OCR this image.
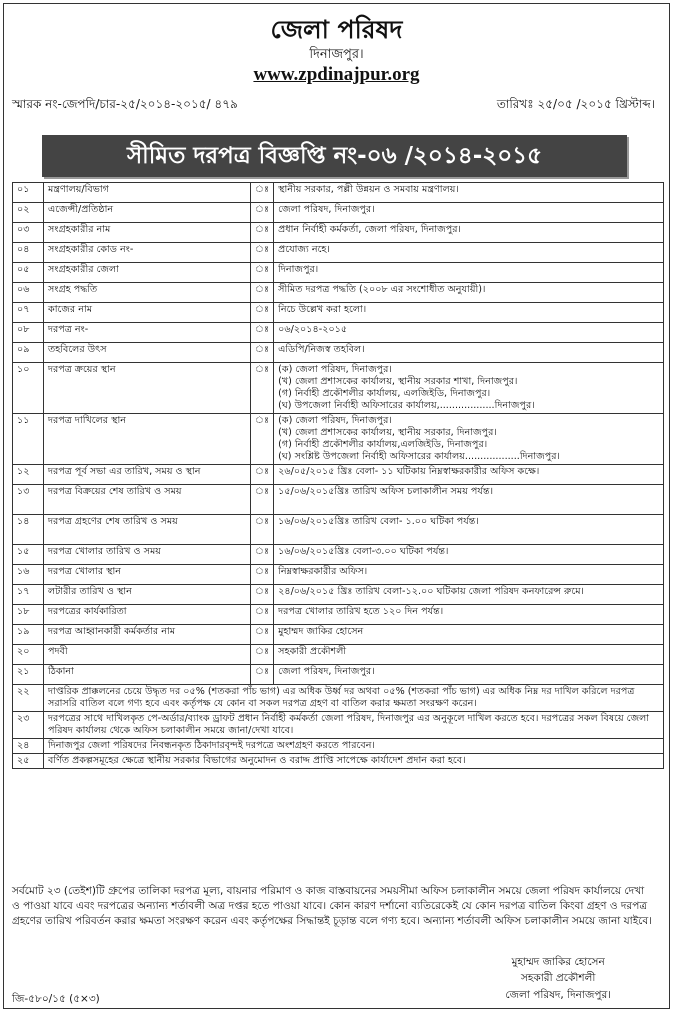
জেলা পরিষদ
দিনাজপুর।
www.zpdinajpur.org
স্মারক নং-জেপদি/চার-২৫/২০১৪-২০১৫/ ৪৭৯	তারিখঃ ২৫/০৫ /২০১৫ খ্রিস্টাব্দ।
সীমিত দরপত্র বিজ্ঞপ্তি নং-০৬ /২০১৪-২০১৫
০১	মন্ত্রণালয়/বিভাগ	ঃ	স্থানীয় সরকার, পল্লী উন্নয়ন ও সমবায় মন্ত্রণালয়।

০২	এজেন্সী/প্রতিষ্ঠান	ঃ	জেলা পরিষদ, দিনাজপুর।

০৩	সংগ্রহকারীর নাম	ঃ	প্রধান নির্বাহী কর্মকর্তা, জেলা পরিষদ, দিনাজপুর।

০৪	সংগ্রহকারীর কোড নং-	ঃ	প্রযোজ্য নহে।

০৫	সংগ্রহকারীর জেলা	ঃ	দিনাজপুর।

০৬	সংগ্রহ পদ্ধতি	ঃ	সীমিত দরপত্র পদ্ধতি (২০০৮ এর সংশোধীত অনুযায়ী)।

০৭	কাজের নাম	ঃ	নিচে উল্লেখ করা হলো।

০৮	দরপত্র নং-	ঃ	০৬/২০১৪-২০১৫

০৯	তহবিলের উৎস	ঃ	এডিপি/নিজস্ব তহবিল।

১০	দরপত্র ক্রয়ের স্থান	ঃ	(ক) জেলা পরিষদ, দিনাজপুর।
(খ) জেলা প্রশাসকের কার্যালয়, স্থানীয় সরকার শাখা, দিনাজপুর।
(গ) নির্বাহী প্রকৌশলীর কার্যালয়, এলজিইডি, দিনাজপুর।
(ঘ) উপজেলা নির্বাহী অফিসারের কার্যালয়,..................দিনাজপুর।

১১	দরপত্র দাখিলের স্থান	ঃ	(ক) জেলা পরিষদ, দিনাজপুর।
(খ) জেলা প্রশাসকের কার্যালয়, স্থানীয় সরকার, দিনাজপুর।
(গ) নির্বাহী প্রকৌশলীর কার্যালয়,এলজিইডি, দিনাজপুর।
(ঘ) সংশ্লিষ্ট উপজেলা নির্বাহী অফিসারের কার্যালয়..................দিনাজপুর।

১২	দরপত্র পূর্ব সভা এর তারিখ, সময় ও স্থান	ঃ	২৬/০৫/২০১৫ খ্রিঃ বেলা- ১১ ঘটিকায় নিম্নস্বাক্ষরকারীর অফিস কক্ষে।

১৩	দরপত্র বিক্রয়ের শেষ তারিখ ও সময়	ঃ	১৫/০৬/২০১৫খ্রিঃ তারিখ অফিস চলাকালীন সময় পর্যন্ত।

১৪	দরপত্র গ্রহণের শেষ তারিখ ও সময়	ঃ	১৬/০৬/২০১৫খ্রিঃ তারিখ বেলা- ১.০০ ঘটিকা পর্যন্ত।

১৫	দরপত্র খোলার তারিখ ও সময়	ঃ	১৬/০৬/২০১৫খ্রিঃ বেলা-৩.০০ ঘটিকা পর্যন্ত।

১৬	দরপত্র খোলার স্থান	ঃ	নিম্নস্বাক্ষরকারীর অফিস।

১৭	লটারীর তারিখ ও স্থান	ঃ	২৪/০৬/২০১৫ খ্রিঃ তারিখ বেলা-১২.০০ ঘটিকায় জেলা পরিষদ কনফারেন্স রুমে।

১৮	দরপত্রের কার্যকারিতা	ঃ	দরপত্র খোলার তারিখ হতে ১২০ দিন পর্যন্ত।

১৯	দরপত্র আহ্বানকারী কর্মকর্তার নাম	ঃ	মুহাম্মদ জাকির হোসেন

২০	পদবী	ঃ	সহকারী প্রকৌশলী

২১	ঠিকানা	ঃ	জেলা পরিষদ, দিনাজপুর।

২২	দাপ্তরিক প্রাক্কলনের চেয়ে উদ্ধৃত দর ০৫% (শতকরা পাঁচ ভাগ) এর অধিক উর্ধ্ব দর অথবা ০৫% (শতকরা পাঁচ ভাগ) এর অধিক নিম্ন দর দাখিল করিলে দরপত্র সরাসরি বাতিল বলে গণ্য হবে এবং কর্তৃপক্ষ যে কোন বা সকল দরপত্র গ্রহণ বা বাতিল করার ক্ষমতা সংরক্ষণ করেন।		
২৩	দরপত্রের সাথে দাখিলকৃত পে-অর্ডার/ব্যাংক ড্রাফট প্রধান নির্বাহী কর্মকর্তা জেলা পরিষদ, দিনাজপুর এর অনুকূলে দাখিল করতে হবে। দরপত্রের সকল বিষয়ে জেলা পরিষদ কার্যালয় থেকে অফিস চলাকালীন সময়ে জানা/দেখা যাবে।		
২৪	দিনাজপুর জেলা পরিষদের নিবন্ধনকৃত ঠিকাদারবৃন্দই দরপত্রে অংশগ্রহণ করতে পারবেন।		
২৫	বর্ণিত প্রকল্পসমূহের ক্ষেত্রে স্থানীয় সরকার বিভাগের অনুমোদন ও বরাদ্দ প্রাপ্তি সাপেক্ষে কার্যাদেশ প্রদান করা হবে।		
সর্বমোট ২৩ (তেইশ)টি গ্রুপের তালিকা দরপত্র মূল্য, বায়নার পরিমাণ ও কাজ বাস্তবায়নের সময়সীমা অফিস চলাকালীন সময়ে জেলা পরিষদ কার্যালয়ে দেখা ও পাওয়া যাবে এবং দরপত্রের অন্যান্য শর্তাবলী অত্র দপ্তর হতে পাওয়া যাবে। কোন কারণ দর্শানো ব্যতিরেকেই যে কোন দরপত্র বাতিল কিংবা গ্রহণ ও দরপত্র গ্রহণের তারিখ পরিবর্তন করার ক্ষমতা সংরক্ষণ করেন এবং কর্তৃপক্ষের সিদ্ধান্তই চূড়ান্ত বলে গণ্য হবে। অন্যান্য শর্তাবলী অফিস চলাকালীন সময়ে জানা যাইবে।
মুহাম্মদ জাকির হোসেন
সহকারী প্রকৌশলী
জেলা পরিষদ, দিনাজপুর।
জি-৫৮০/১৫ (৫×৩)
